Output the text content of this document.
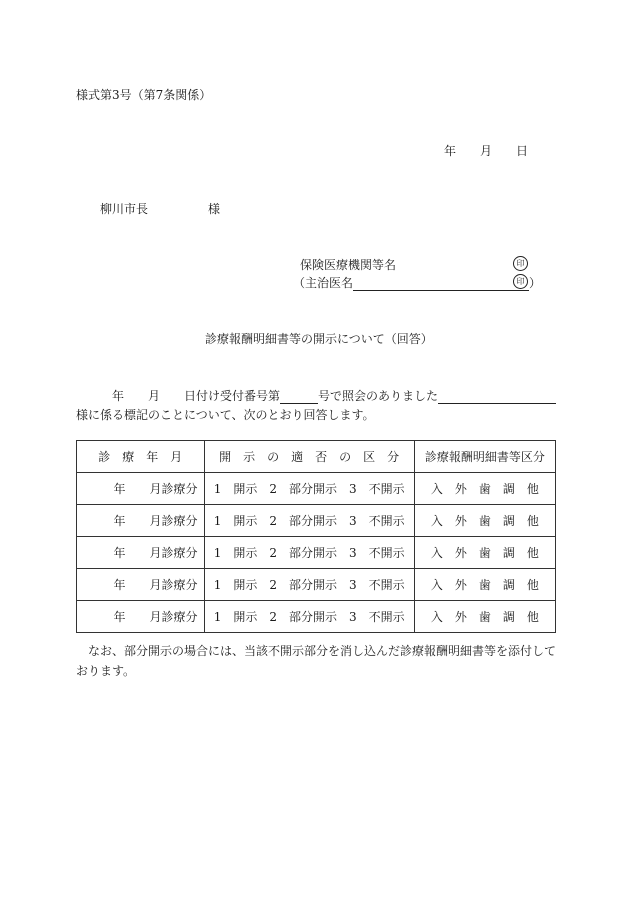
様式第3号（第7条関係）
年　　月　　日
柳川市長　　　　　様
保険医療機関等名	印
（主治医名	）
印
診療報酬明細書等の開示について（回答）
年　　月　　日付け受付番号第	号で照会のありました
様に係る標記のことについて、次のとおり回答します。
診　療　年　月	開　示　の　適　否　の　区　分	診療報酬明細書等区分
年　　月診療分	1　開示　2　部分開示　3　不開示	入　外　歯　調　他
年　　月診療分	1　開示　2　部分開示　3　不開示	入　外　歯　調　他
年　　月診療分	1　開示　2　部分開示　3　不開示	入　外　歯　調　他
年　　月診療分	1　開示　2　部分開示　3　不開示	入　外　歯　調　他
年　　月診療分	1　開示　2　部分開示　3　不開示	入　外　歯　調　他
なお、部分開示の場合には、当該不開示部分を消し込んだ診療報酬明細書等を添付して
おります。
